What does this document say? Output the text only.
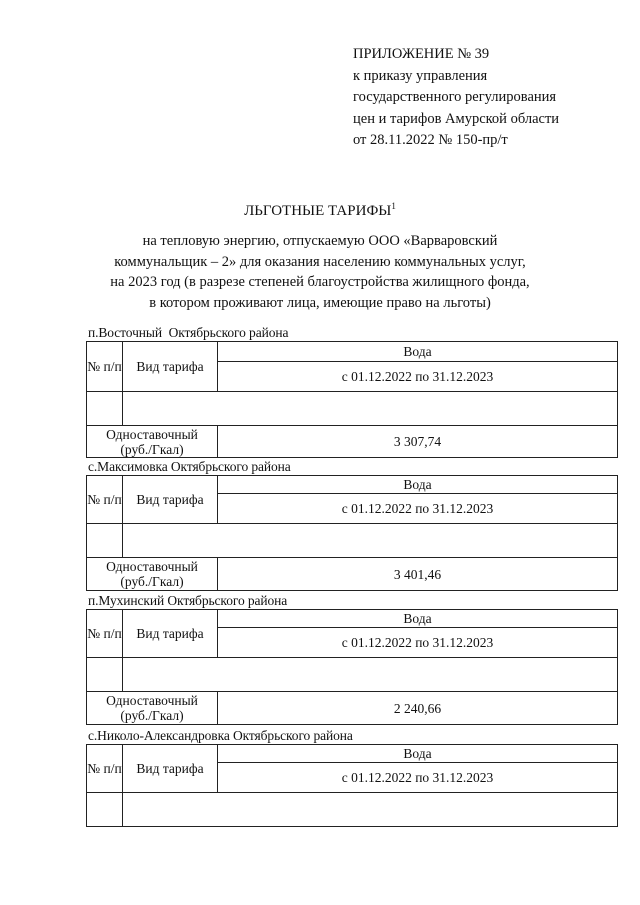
ПРИЛОЖЕНИЕ № 39
к приказу управления
государственного регулирования
цен и тарифов Амурской области
от 28.11.2022 № 150-пр/т
ЛЬГОТНЫЕ ТАРИФЫ$^1$
на тепловую энергию, отпускаемую ООО «Варваровский
коммунальщик – 2» для оказания населению коммунальных услуг,
на 2023 год (в разрезе степеней благоустройства жилищного фонда,
в котором проживают лица, имеющие право на льготы)
п.Восточный  Октябрьского района
№ п/п	Вид тарифа	Вода
		с 01.12.2022 по 31.12.2023

Одноставочный
(руб./Гкал)		3 307,74
с.Максимовка Октябрьского района
№ п/п	Вид тарифа	Вода
		с 01.12.2022 по 31.12.2023

Одноставочный
(руб./Гкал)		3 401,46
п.Мухинский Октябрьского района
№ п/п	Вид тарифа	Вода
		с 01.12.2022 по 31.12.2023

Одноставочный
(руб./Гкал)		2 240,66
с.Николо-Александровка Октябрьского района
№ п/п	Вид тарифа	Вода
		с 01.12.2022 по 31.12.2023
